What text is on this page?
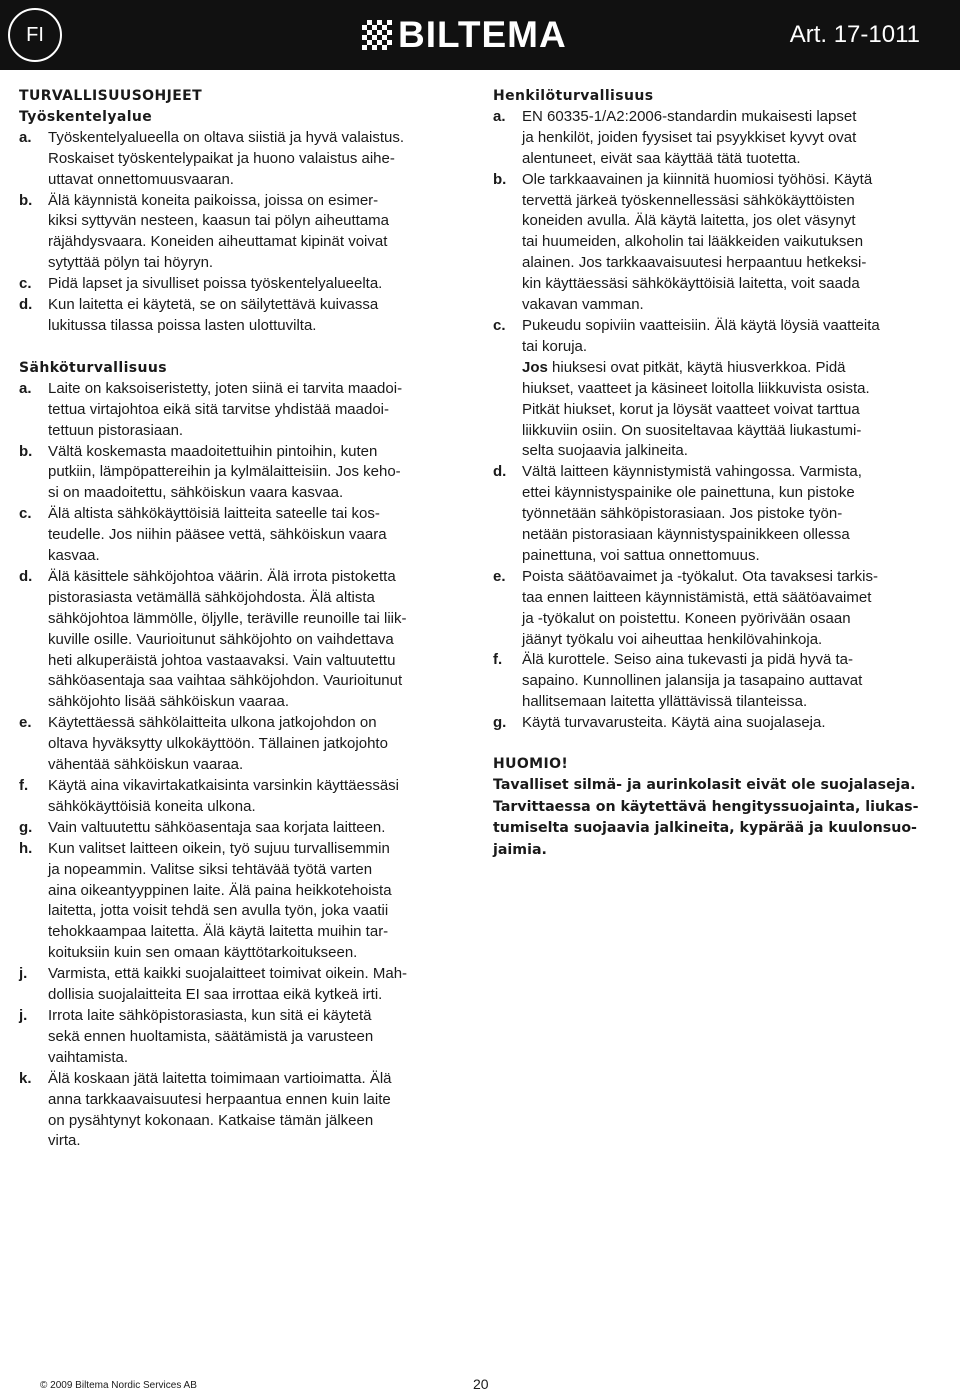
FI	BILTEMA	Art. 17-1011
TURVALLISUUSOHJEET
Työskentelyalue
a.	Työskentelyalueella on oltava siistiä ja hyvä valaistus.
Roskaiset työskentelypaikat ja huono valaistus aihe-
uttavat onnettomuusvaaran.
b.	Älä käynnistä koneita paikoissa, joissa on esimer-
kiksi syttyvän nesteen, kaasun tai pölyn aiheuttama
räjähdysvaara. Koneiden aiheuttamat kipinät voivat
sytyttää pölyn tai höyryn.
c.	Pidä lapset ja sivulliset poissa työskentelyalueelta.
d.	Kun laitetta ei käytetä, se on säilytettävä kuivassa
lukitussa tilassa poissa lasten ulottuvilta.
Sähköturvallisuus
a.	Laite on kaksoiseristetty, joten siinä ei tarvita maadoi-
tettua virtajohtoa eikä sitä tarvitse yhdistää maadoi-
tettuun pistorasiaan.
b.	Vältä koskemasta maadoitettuihin pintoihin, kuten
putkiin, lämpöpattereihin ja kylmälaitteisiin. Jos keho-
si on maadoitettu, sähköiskun vaara kasvaa.
c.	Älä altista sähkökäyttöisiä laitteita sateelle tai kos-
teudelle. Jos niihin pääsee vettä, sähköiskun vaara
kasvaa.
d.	Älä käsittele sähköjohtoa väärin. Älä irrota pistoketta
pistorasiasta vetämällä sähköjohdosta. Älä altista
sähköjohtoa lämmölle, öljylle, teräville reunoille tai liik-
kuville osille. Vaurioitunut sähköjohto on vaihdettava
heti alkuperäistä johtoa vastaavaksi. Vain valtuutettu
sähköasentaja saa vaihtaa sähköjohdon. Vaurioitunut
sähköjohto lisää sähköiskun vaaraa.
e.	Käytettäessä sähkölaitteita ulkona jatkojohdon on
oltava hyväksytty ulkokäyttöön. Tällainen jatkojohto
vähentää sähköiskun vaaraa.
f.	Käytä aina vikavirtakatkaisinta varsinkin käyttäessäsi
sähkökäyttöisiä koneita ulkona.
g.	Vain valtuutettu sähköasentaja saa korjata laitteen.
h.	Kun valitset laitteen oikein, työ sujuu turvallisemmin
ja nopeammin. Valitse siksi tehtävää työtä varten
aina oikeantyyppinen laite. Älä paina heikkotehoista
laitetta, jotta voisit tehdä sen avulla työn, joka vaatii
tehokkaampaa laitetta. Älä käytä laitetta muihin tar-
koituksiin kuin sen omaan käyttötarkoitukseen.
j.	Varmista, että kaikki suojalaitteet toimivat oikein. Mah-
dollisia suojalaitteita EI saa irrottaa eikä kytkeä irti.
j.	Irrota laite sähköpistorasiasta, kun sitä ei käytetä
sekä ennen huoltamista, säätämistä ja varusteen
vaihtamista.
k.	Älä koskaan jätä laitetta toimimaan vartioimatta. Älä
anna tarkkaavaisuutesi herpaantua ennen kuin laite
on pysähtynyt kokonaan. Katkaise tämän jälkeen
virta.
Henkilöturvallisuus
a.	EN 60335-1/A2:2006-standardin mukaisesti lapset
ja henkilöt, joiden fyysiset tai psyykkiset kyvyt ovat
alentuneet, eivät saa käyttää tätä tuotetta.
b.	Ole tarkkaavainen ja kiinnitä huomiosi työhösi. Käytä
tervettä järkeä työskennellessäsi sähkökäyttöisten
koneiden avulla. Älä käytä laitetta, jos olet väsynyt
tai huumeiden, alkoholin tai lääkkeiden vaikutuksen
alainen. Jos tarkkaavaisuutesi herpaantuu hetkeksi-
kin käyttäessäsi sähkökäyttöisiä laitetta, voit saada
vakavan vamman.
c.	Pukeudu sopiviin vaatteisiin. Älä käytä löysiä vaatteita
tai koruja.
Jos hiuksesi ovat pitkät, käytä hiusverkkoa. Pidä
hiukset, vaatteet ja käsineet loitolla liikkuvista osista.
Pitkät hiukset, korut ja löysät vaatteet voivat tarttua
liikkuviin osiin. On suositeltavaa käyttää liukastumi-
selta suojaavia jalkineita.
d.	Vältä laitteen käynnistymistä vahingossa. Varmista,
ettei käynnistyspainike ole painettuna, kun pistoke
työnnetään sähköpistorasiaan. Jos pistoke työn-
netään pistorasiaan käynnistyspainikkeen ollessa
painettuna, voi sattua onnettomuus.
e.	Poista säätöavaimet ja -työkalut. Ota tavaksesi tarkis-
taa ennen laitteen käynnistämistä, että säätöavaimet
ja -työkalut on poistettu. Koneen pyörivään osaan
jäänyt työkalu voi aiheuttaa henkilövahinkoja.
f.	Älä kurottele. Seiso aina tukevasti ja pidä hyvä ta-
sapaino. Kunnollinen jalansija ja tasapaino auttavat
hallitsemaan laitetta yllättävissä tilanteissa.
g.	Käytä turvavarusteita. Käytä aina suojalaseja.
HUOMIO!
Tavalliset silmä- ja aurinkolasit eivät ole suojalaseja.
Tarvittaessa on käytettävä hengityssuojainta, liukas-
tumiselta suojaavia jalkineita, kypärää ja kuulonsuo-
jaimia.
© 2009 Biltema Nordic Services AB	20
